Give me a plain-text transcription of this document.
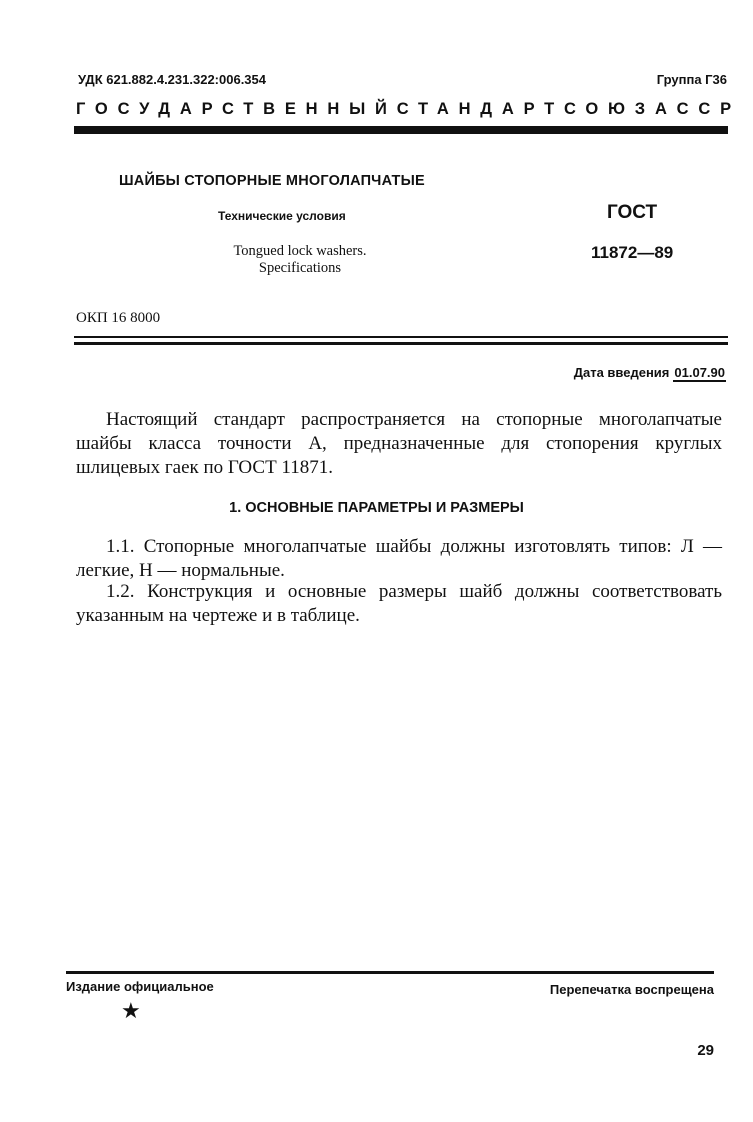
УДК 621.882.4.231.322:006.354	Группа Г36
ГОСУДАРСТВЕННЫЙ СТАНДАРТ СОЮЗА ССР
ШАЙБЫ СТОПОРНЫЕ МНОГОЛАПЧАТЫЕ
Технические условия
Tongued lock washers.
Specifications
ГОСТ
11872—89
ОКП 16 8000
Дата введения 01.07.90
Настоящий стандарт распространяется на стопорные многолапчатые шайбы класса точности А, предназначенные для стопорения круглых шлицевых гаек по ГОСТ 11871.
1. ОСНОВНЫЕ ПАРАМЕТРЫ И РАЗМЕРЫ
1.1. Стопорные многолапчатые шайбы должны изготовлять типов: Л — легкие, Н — нормальные.
1.2. Конструкция и основные размеры шайб должны соответствовать указанным на чертеже и в таблице.
Издание официальное	Перепечатка воспрещена
★
29
